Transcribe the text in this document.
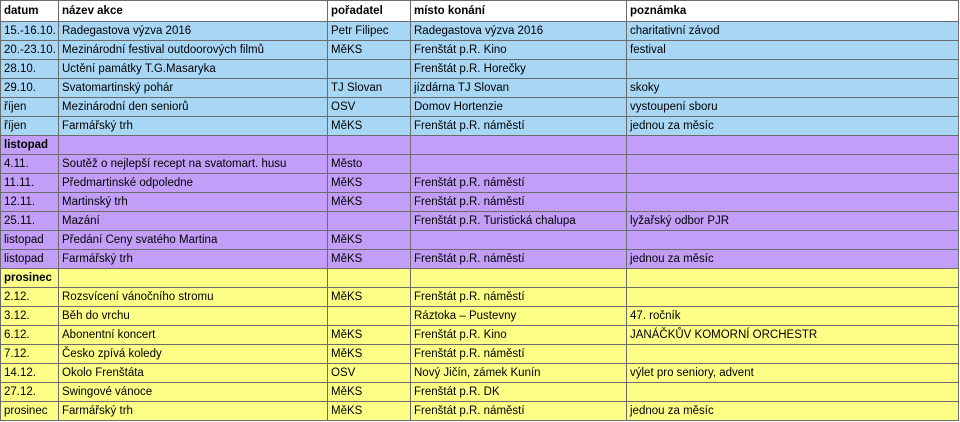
datum	název akce	pořadatel	místo konání	poznámka
15.-16.10.	Radegastova výzva 2016	Petr Filipec	Radegastova výzva 2016	charitativní závod
20.-23.10.	Mezinárodní festival outdoorových filmů	MěKS	Frenštát p.R. Kino	festival
28.10.	Uctění památky T.G.Masaryka		Frenštát p.R. Horečky	
29.10.	Svatomartinský pohár	TJ Slovan	jízdárna TJ Slovan	skoky
říjen	Mezinárodní den seniorů	OSV	Domov Hortenzie	vystoupení sboru
říjen	Farmářský trh	MěKS	Frenštát p.R. náměstí	jednou za měsíc
listopad				
4.11.	Soutěž o nejlepší recept na svatomart. husu	Město		
11.11.	Předmartinské odpoledne	MěKS	Frenštát p.R. náměstí	
12.11.	Martinský trh	MěKS	Frenštát p.R. náměstí	
25.11.	Mazání		Frenštát p.R. Turistická chalupa	lyžařský odbor PJR
listopad	Předání Ceny svatého Martina	MěKS		
listopad	Farmářský trh	MěKS	Frenštát p.R. náměstí	jednou za měsíc
prosinec				
2.12.	Rozsvícení vánočního stromu	MěKS	Frenštát p.R. náměstí	
3.12.	Běh do vrchu		Ráztoka – Pustevny	47. ročník
6.12.	Abonentní koncert	MěKS	Frenštát p.R. Kino	JANÁČKŮV KOMORNÍ ORCHESTR
7.12.	Česko zpívá koledy	MěKS	Frenštát p.R. náměstí	
14.12.	Okolo Frenštáta	OSV	Nový Jičín, zámek Kunín	výlet pro seniory, advent
27.12.	Swingové vánoce	MěKS	Frenštát p.R. DK	
prosinec	Farmářský trh	MěKS	Frenštát p.R. náměstí	jednou za měsíc
